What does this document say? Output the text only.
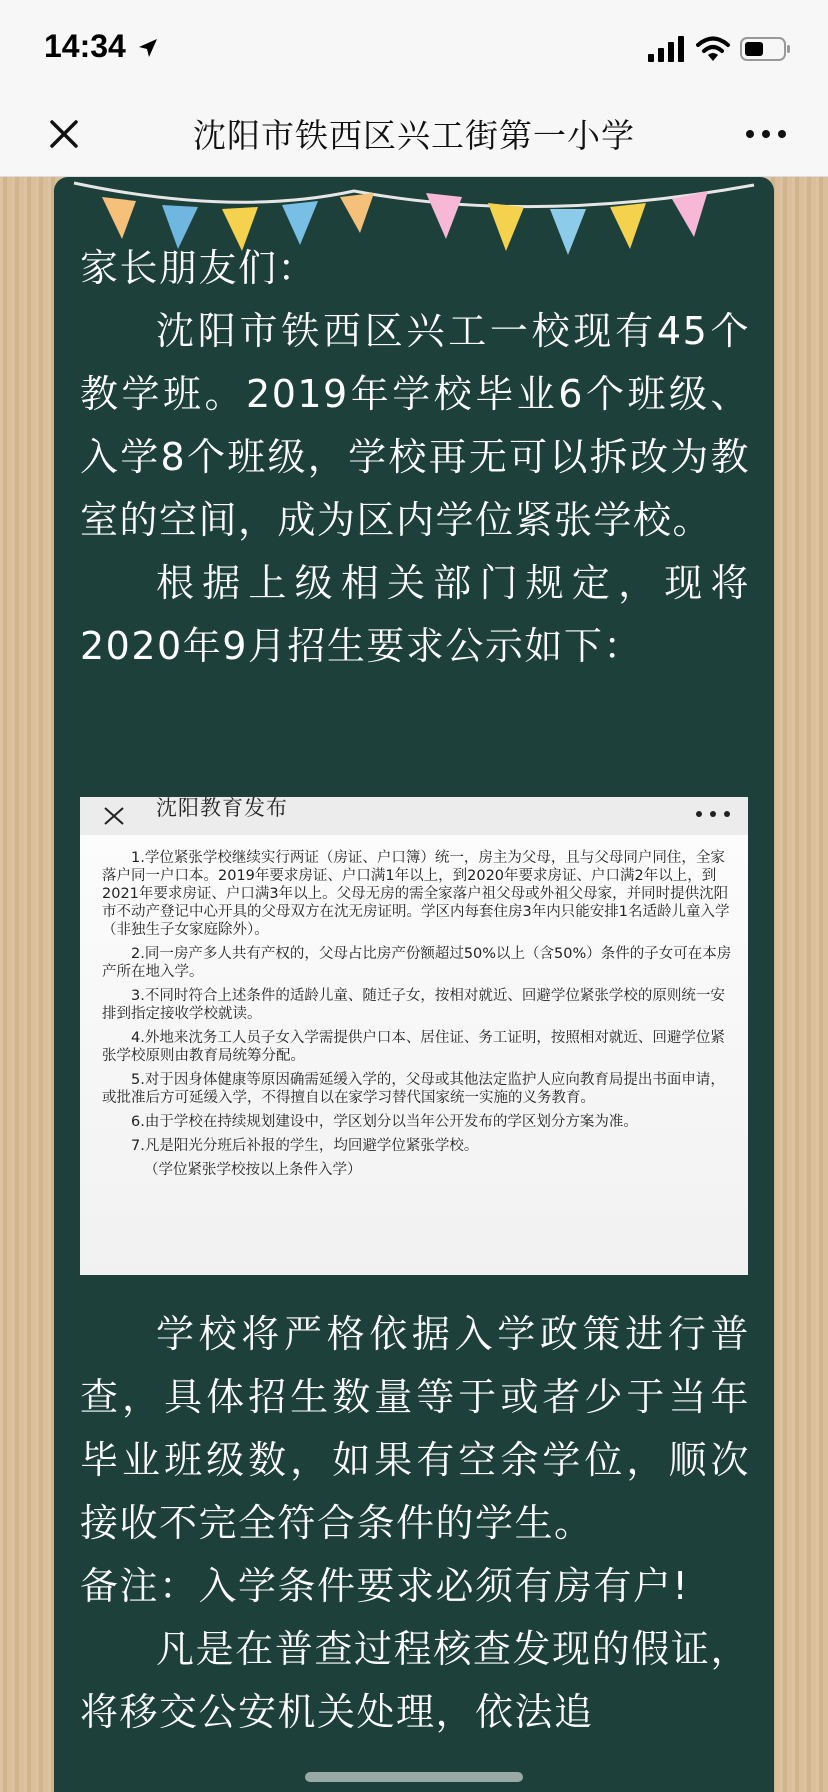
14:34
沈阳市铁西区兴工街第一小学

家长朋友们：

沈阳市铁西区兴工一校现有45个教学班。2019年学校毕业6个班级、入学8个班级，学校再无可以拆改为教室的空间，成为区内学位紧张学校。

根据上级相关部门规定，现将2020年9月招生要求公示如下：

沈阳教育发布

1.学位紧张学校继续实行两证（房证、户口簿）统一，房主为父母，且与父母同户同住，全家落户同一户口本。2019年要求房证、户口满1年以上，到2020年要求房证、户口满2年以上，到2021年要求房证、户口满3年以上。父母无房的需全家落户祖父母或外祖父母家，并同时提供沈阳市不动产登记中心开具的父母双方在沈无房证明。学区内每套住房3年内只能安排1名适龄儿童入学（非独生子女家庭除外）。

2.同一房产多人共有产权的，父母占比房产份额超过50%以上（含50%）条件的子女可在本房产所在地入学。

3.不同时符合上述条件的适龄儿童、随迁子女，按相对就近、回避学位紧张学校的原则统一安排到指定接收学校就读。

4.外地来沈务工人员子女入学需提供户口本、居住证、务工证明，按照相对就近、回避学位紧张学校原则由教育局统筹分配。

5.对于因身体健康等原因确需延缓入学的，父母或其他法定监护人应向教育局提出书面申请，或批准后方可延缓入学，不得擅自以在家学习替代国家统一实施的义务教育。

6.由于学校在持续规划建设中，学区划分以当年公开发布的学区划分方案为准。

7.凡是阳光分班后补报的学生，均回避学位紧张学校。

（学位紧张学校按以上条件入学）

学校将严格依据入学政策进行普查，具体招生数量等于或者少于当年毕业班级数，如果有空余学位，顺次接收不完全符合条件的学生。

备注：入学条件要求必须有房有户!

凡是在普查过程核查发现的假证，将移交公安机关处理，依法追
